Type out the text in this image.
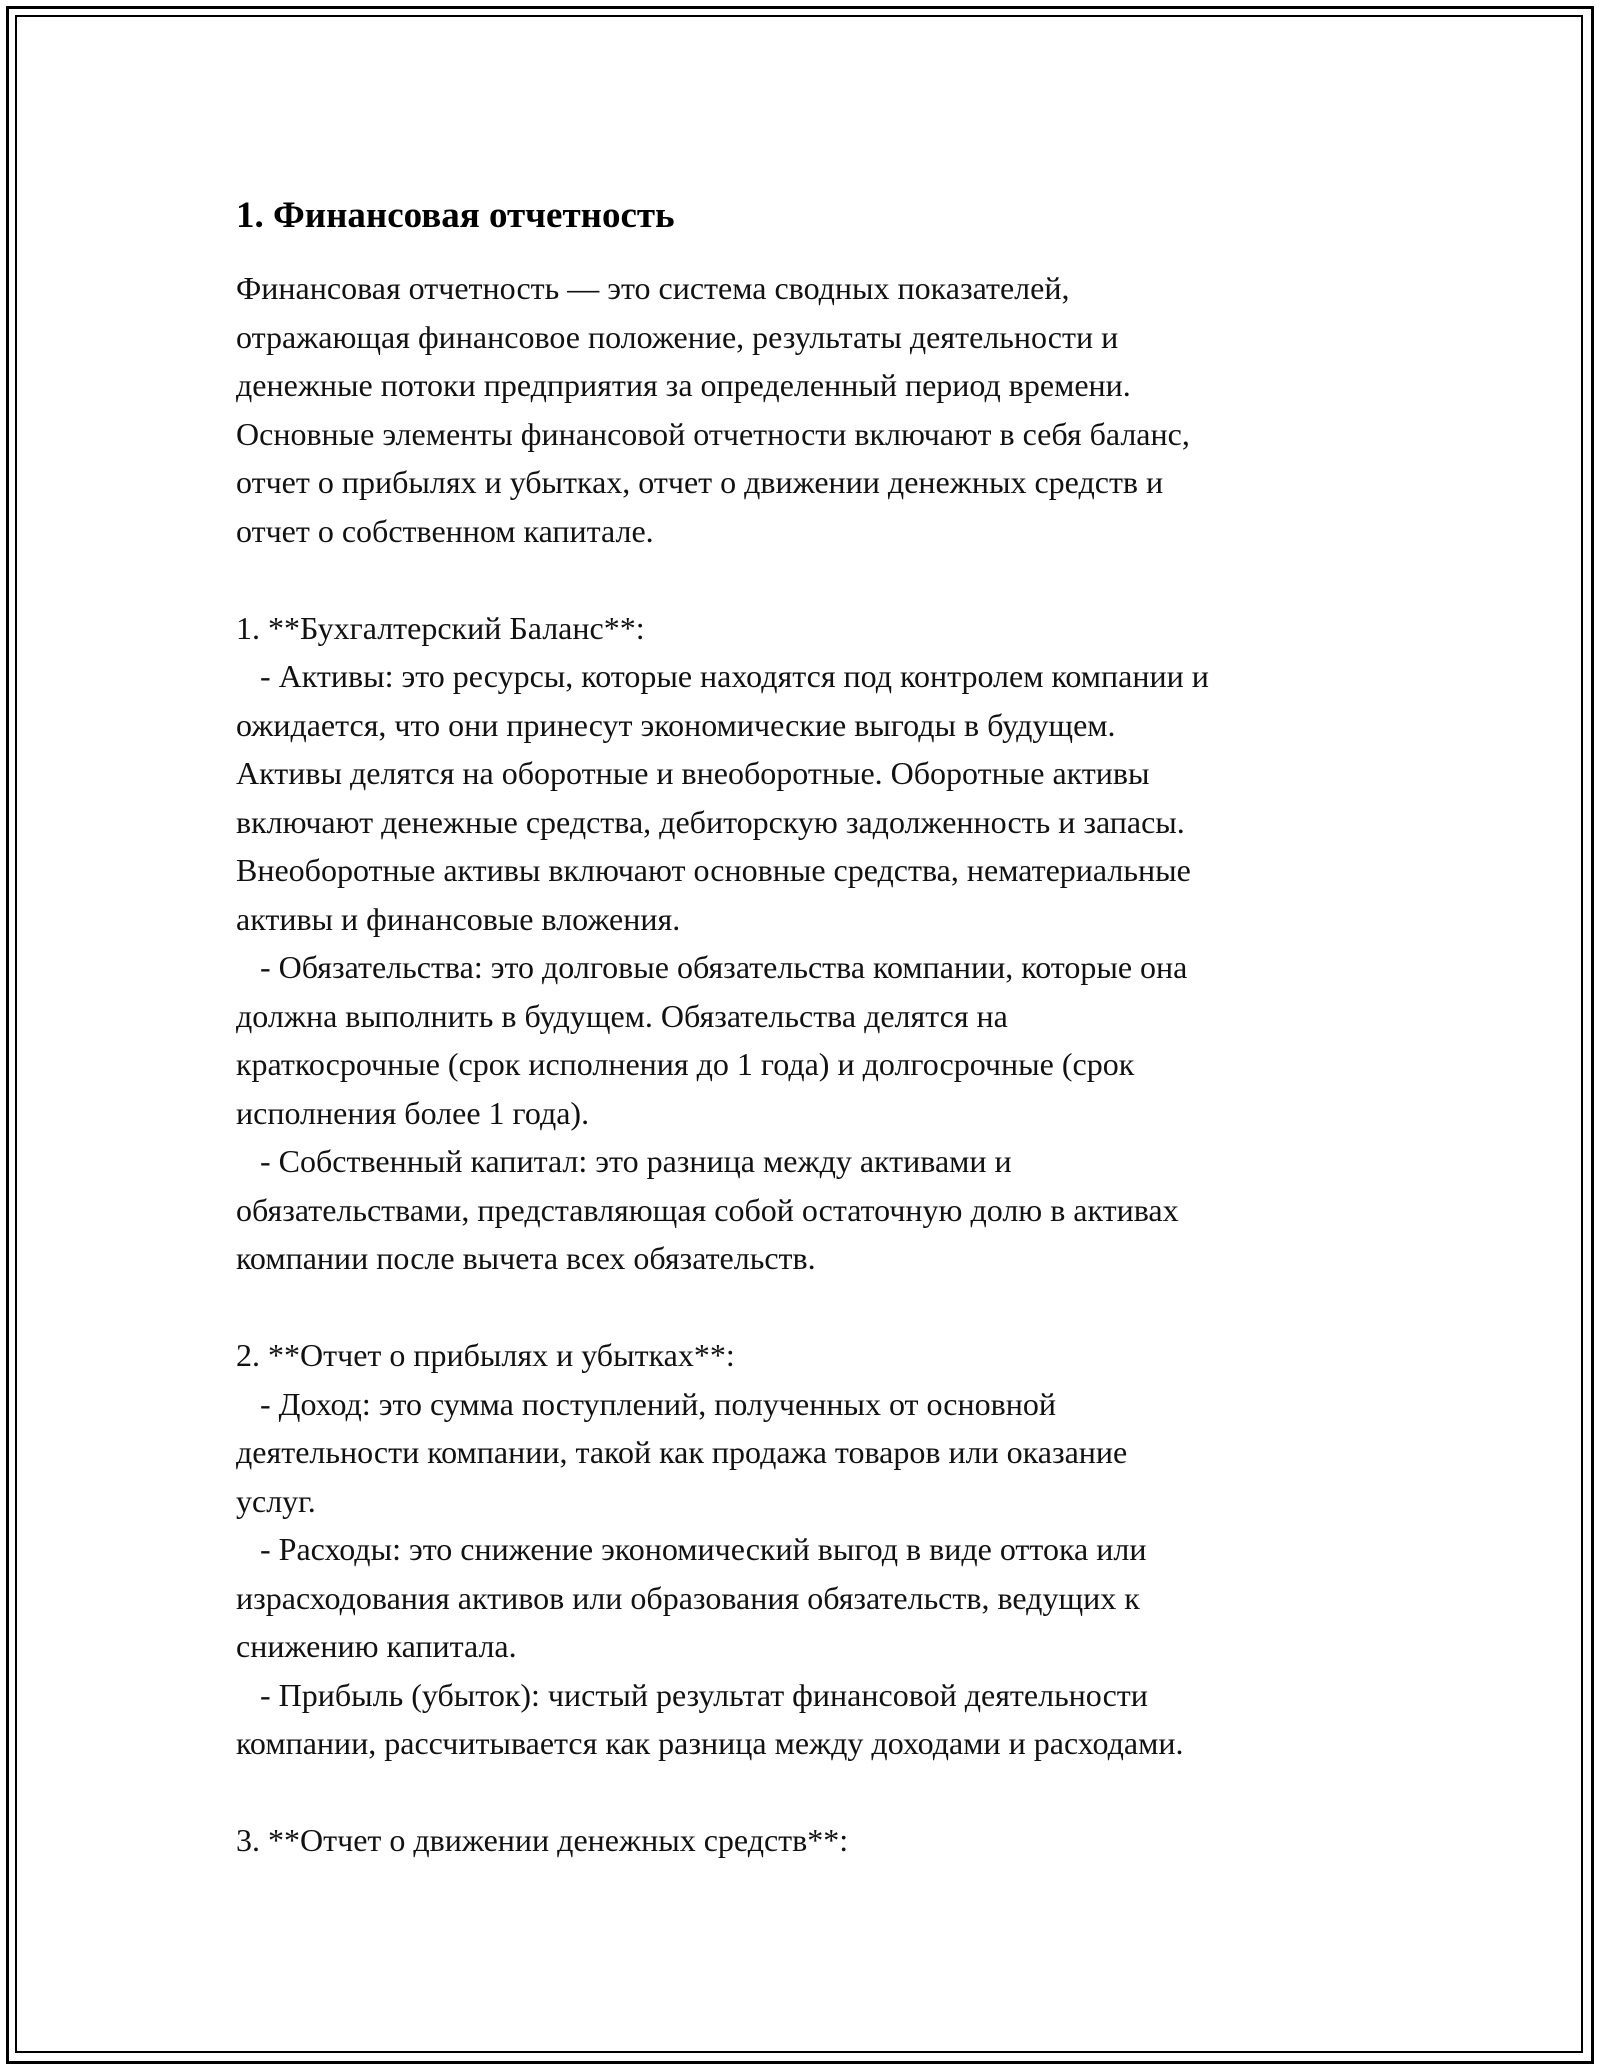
1. Финансовая отчетность

Финансовая отчетность — это система сводных показателей,
отражающая финансовое положение, результаты деятельности и
денежные потоки предприятия за определенный период времени.
Основные элементы финансовой отчетности включают в себя баланс,
отчет о прибылях и убытках, отчет о движении денежных средств и
отчет о собственном капитале.

1. **Бухгалтерский Баланс**:

- Активы: это ресурсы, которые находятся под контролем компании и
ожидается, что они принесут экономические выгоды в будущем.
Активы делятся на оборотные и внеоборотные. Оборотные активы
включают денежные средства, дебиторскую задолженность и запасы.
Внеоборотные активы включают основные средства, нематериальные
активы и финансовые вложения.

- Обязательства: это долговые обязательства компании, которые она
должна выполнить в будущем. Обязательства делятся на
краткосрочные (срок исполнения до 1 года) и долгосрочные (срок
исполнения более 1 года).

- Собственный капитал: это разница между активами и
обязательствами, представляющая собой остаточную долю в активах
компании после вычета всех обязательств.

2. **Отчет о прибылях и убытках**:

- Доход: это сумма поступлений, полученных от основной
деятельности компании, такой как продажа товаров или оказание
услуг.

- Расходы: это снижение экономический выгод в виде оттока или
израсходования активов или образования обязательств, ведущих к
снижению капитала.

- Прибыль (убыток): чистый результат финансовой деятельности
компании, рассчитывается как разница между доходами и расходами.

3. **Отчет о движении денежных средств**:
